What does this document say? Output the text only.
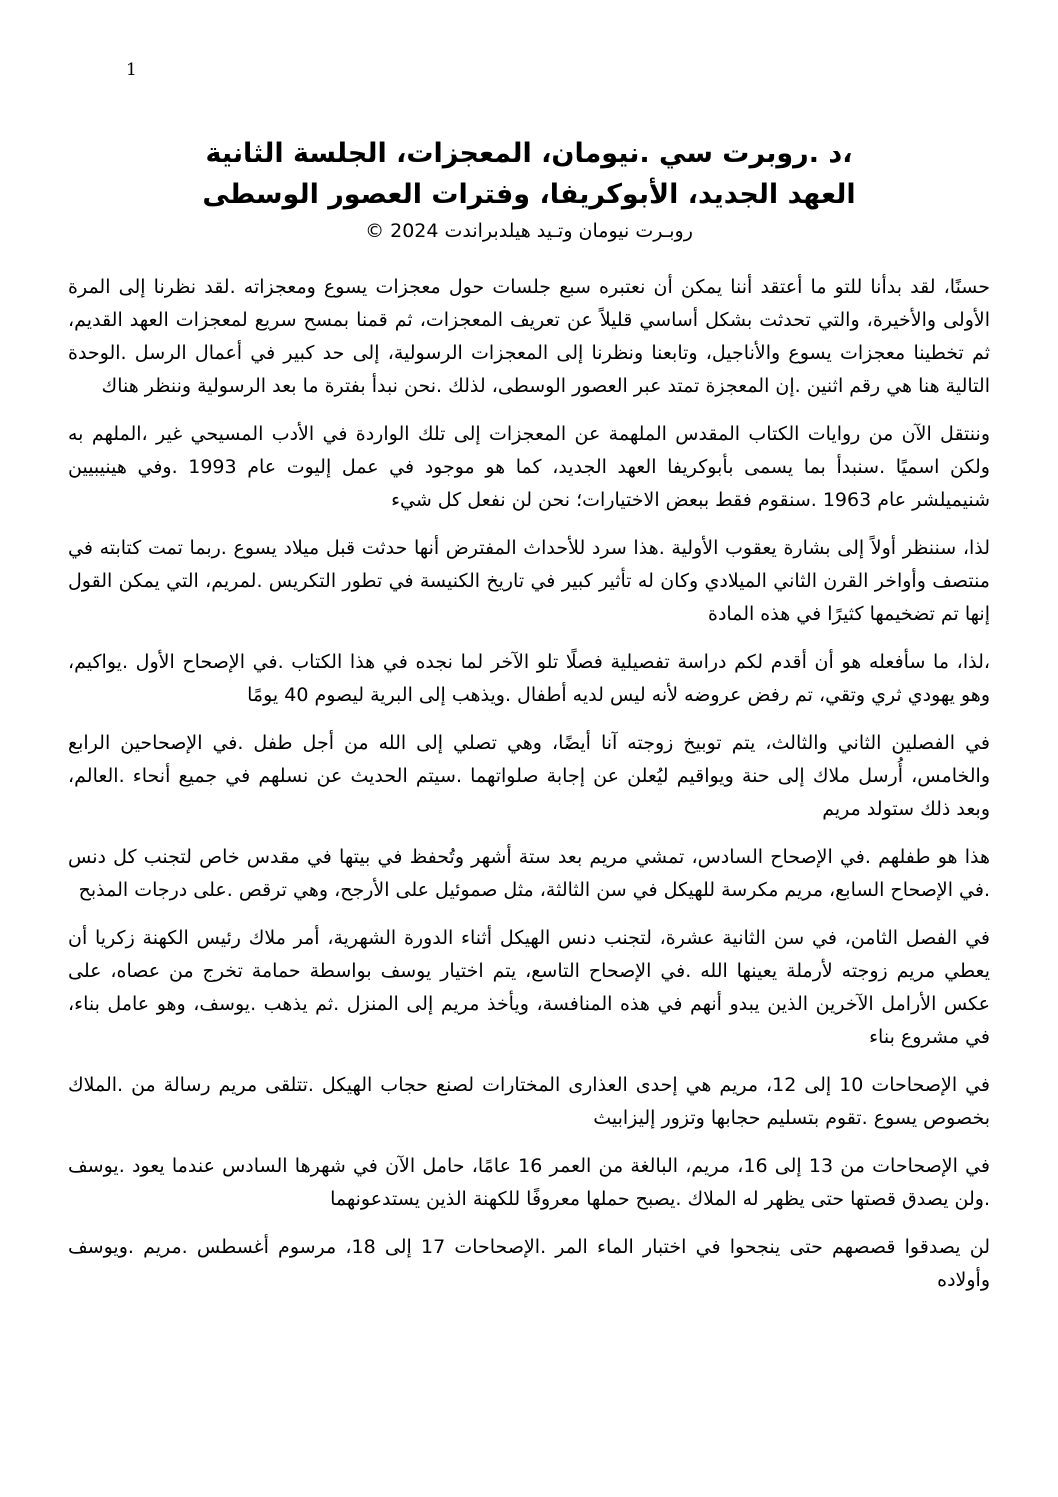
1
،د .روبرت سي .نيومان، المعجزات، الجلسة الثانية
العهد الجديد، الأبوكريفا، وفترات العصور الوسطى
روبـرت نيومان وتـيد هيلدبراندت 2024 ©

حسنًا، لقد بدأنا للتو ما أعتقد أننا يمكن أن نعتبره سبع جلسات حول معجزات يسوع ومعجزاته .لقد نظرنا إلى المرة الأولى والأخيرة، والتي تحدثت بشكل أساسي قليلاً عن تعريف المعجزات، ثم قمنا بمسح سريع لمعجزات العهد القديم، ثم تخطينا معجزات يسوع والأناجيل، وتابعنا ونظرنا إلى المعجزات الرسولية، إلى حد كبير في أعمال الرسل .الوحدة التالية هنا هي رقم اثنين .إن المعجزة تمتد عبر العصور الوسطى، لذلك .نحن نبدأ بفترة ما بعد الرسولية وننظر هناك

وننتقل الآن من روايات الكتاب المقدس الملهمة عن المعجزات إلى تلك الواردة في الأدب المسيحي غير ،الملهم به ولكن اسميًا .سنبدأ بما يسمى بأبوكريفا العهد الجديد، كما هو موجود في عمل إليوت عام 1993 .وفي هينيبيين شنيميلشر عام 1963 .سنقوم فقط ببعض الاختيارات؛ نحن لن نفعل كل شيء

لذا، سننظر أولاً إلى بشارة يعقوب الأولية .هذا سرد للأحداث المفترض أنها حدثت قبل ميلاد يسوع .ربما تمت كتابته في منتصف وأواخر القرن الثاني الميلادي وكان له تأثير كبير في تاريخ الكنيسة في تطور التكريس .لمريم، التي يمكن القول إنها تم تضخيمها كثيرًا في هذه المادة

،لذا، ما سأفعله هو أن أقدم لكم دراسة تفصيلية فصلًا تلو الآخر لما نجده في هذا الكتاب .في الإصحاح الأول .يواكيم، وهو يهودي ثري وتقي، تم رفض عروضه لأنه ليس لديه أطفال .ويذهب إلى البرية ليصوم 40 يومًا

في الفصلين الثاني والثالث، يتم توبيخ زوجته آنا أيضًا، وهي تصلي إلى الله من أجل طفل .في الإصحاحين الرابع والخامس، أُرسل ملاك إلى حنة ويواقيم ليُعلن عن إجابة صلواتهما .سيتم الحديث عن نسلهم في جميع أنحاء .العالم، وبعد ذلك ستولد مريم

هذا هو طفلهم .في الإصحاح السادس، تمشي مريم بعد ستة أشهر وتُحفظ في بيتها في مقدس خاص لتجنب كل دنس .في الإصحاح السابع، مريم مكرسة للهيكل في سن الثالثة، مثل صموئيل على الأرجح، وهي ترقص .على درجات المذبح

في الفصل الثامن، في سن الثانية عشرة، لتجنب دنس الهيكل أثناء الدورة الشهرية، أمر ملاك رئيس الكهنة زكريا أن يعطي مريم زوجته لأرملة يعينها الله .في الإصحاح التاسع، يتم اختيار يوسف بواسطة حمامة تخرج من عصاه، على عكس الأرامل الآخرين الذين يبدو أنهم في هذه المنافسة، ويأخذ مريم إلى المنزل .ثم يذهب .يوسف، وهو عامل بناء، في مشروع بناء

في الإصحاحات 10 إلى 12، مريم هي إحدى العذارى المختارات لصنع حجاب الهيكل .تتلقى مريم رسالة من .الملاك بخصوص يسوع .تقوم بتسليم حجابها وتزور إليزابيث

في الإصحاحات من 13 إلى 16، مريم، البالغة من العمر 16 عامًا، حامل الآن في شهرها السادس عندما يعود .يوسف .ولن يصدق قصتها حتى يظهر له الملاك .يصبح حملها معروفًا للكهنة الذين يستدعونهما

لن يصدقوا قصصهم حتى ينجحوا في اختبار الماء المر .الإصحاحات 17 إلى 18، مرسوم أغسطس .مريم .ويوسف وأولاده
